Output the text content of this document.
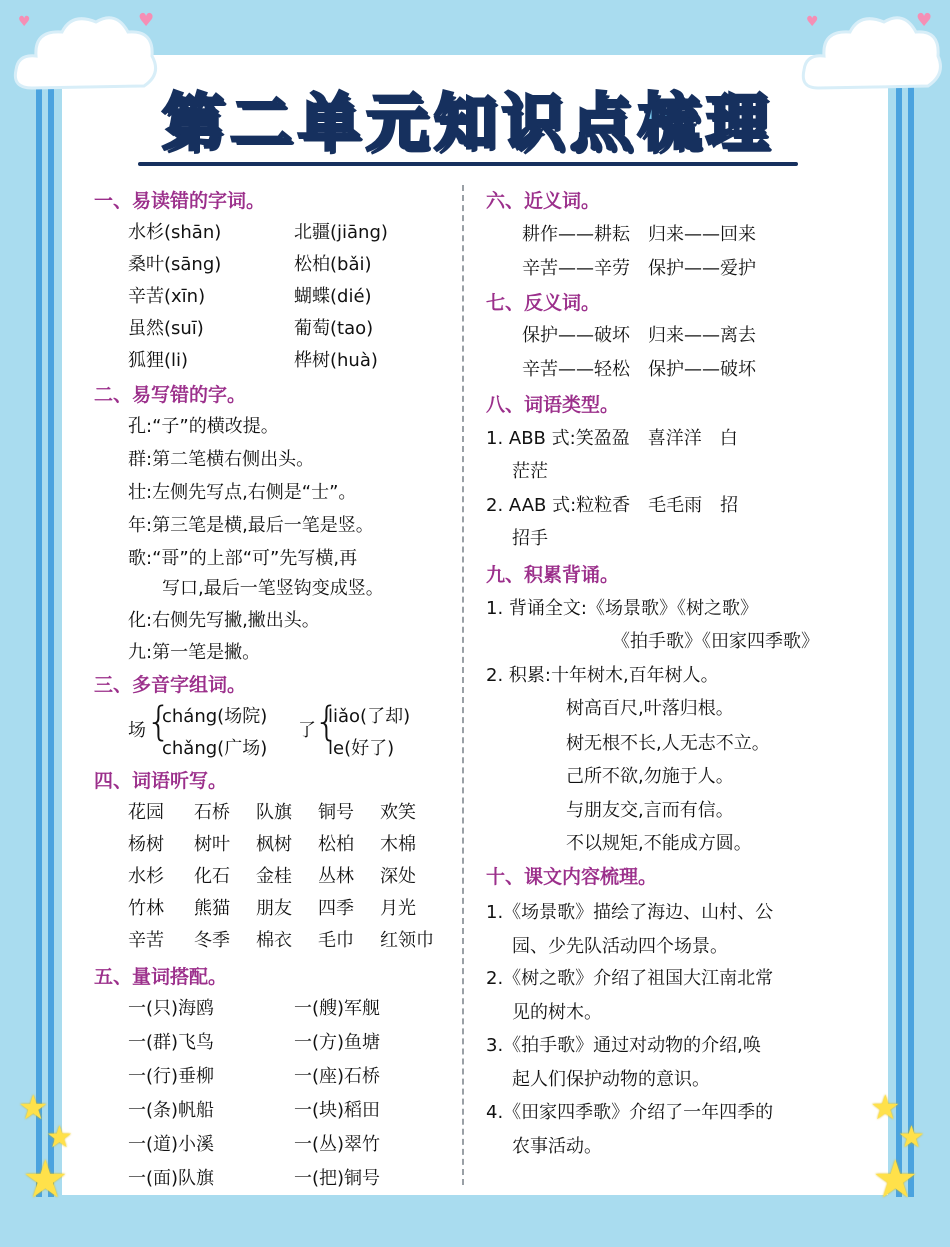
♥
♥	♥	♥
第二单元知识点梳理
一、易读错的字词。
水杉(shān)	北疆(jiāng)
桑叶(sāng)	松柏(bǎi)
辛苦(xīn)	蝴蝶(dié)
虽然(suī)	葡萄(tao)
狐狸(li)	桦树(huà)
二、易写错的字。
孔:“子”的横改提。
群:第二笔横右侧出头。
壮:左侧先写点,右侧是“士”。
年:第三笔是横,最后一笔是竖。
歌:“哥”的上部“可”先写横,再
写口,最后一笔竖钩变成竖。
化:右侧先写撇,撇出头。
九:第一笔是撇。
三、多音字组词。
场 {
cháng(场院)
chǎng(广场)
了
{
liǎo(了却)
le(好了)
四、词语听写。
花园 石桥 队旗 铜号 欢笑
杨树 树叶 枫树 松柏 木棉
水杉 化石 金桂 丛林 深处
竹林 熊猫 朋友 四季 月光
辛苦 冬季 棉衣 毛巾 红领巾
五、量词搭配。
一(只)海鸥	一(艘)军舰
一(群)飞鸟	一(方)鱼塘
一(行)垂柳	一(座)石桥
一(条)帆船	一(块)稻田
一(道)小溪	一(丛)翠竹
一(面)队旗	一(把)铜号
六、近义词。
耕作——耕耘　归来——回来
辛苦——辛劳　保护——爱护
七、反义词。
保护——破坏　归来——离去
辛苦——轻松　保护——破坏
八、词语类型。
1. ABB 式:笑盈盈　喜洋洋　白
茫茫
2. AAB 式:粒粒香　毛毛雨　招
招手
九、积累背诵。
1. 背诵全文:《场景歌》《树之歌》
《拍手歌》《田家四季歌》
2. 积累:十年树木,百年树人。
树高百尺,叶落归根。
树无根不长,人无志不立。
己所不欲,勿施于人。
与朋友交,言而有信。
不以规矩,不能成方圆。
十、课文内容梳理。
1.《场景歌》描绘了海边、山村、公
园、少先队活动四个场景。
2.《树之歌》介绍了祖国大江南北常
见的树木。
3.《拍手歌》通过对动物的介绍,唤
起人们保护动物的意识。
4.《田家四季歌》介绍了一年四季的
农事活动。
★
★
★
★
★
★
